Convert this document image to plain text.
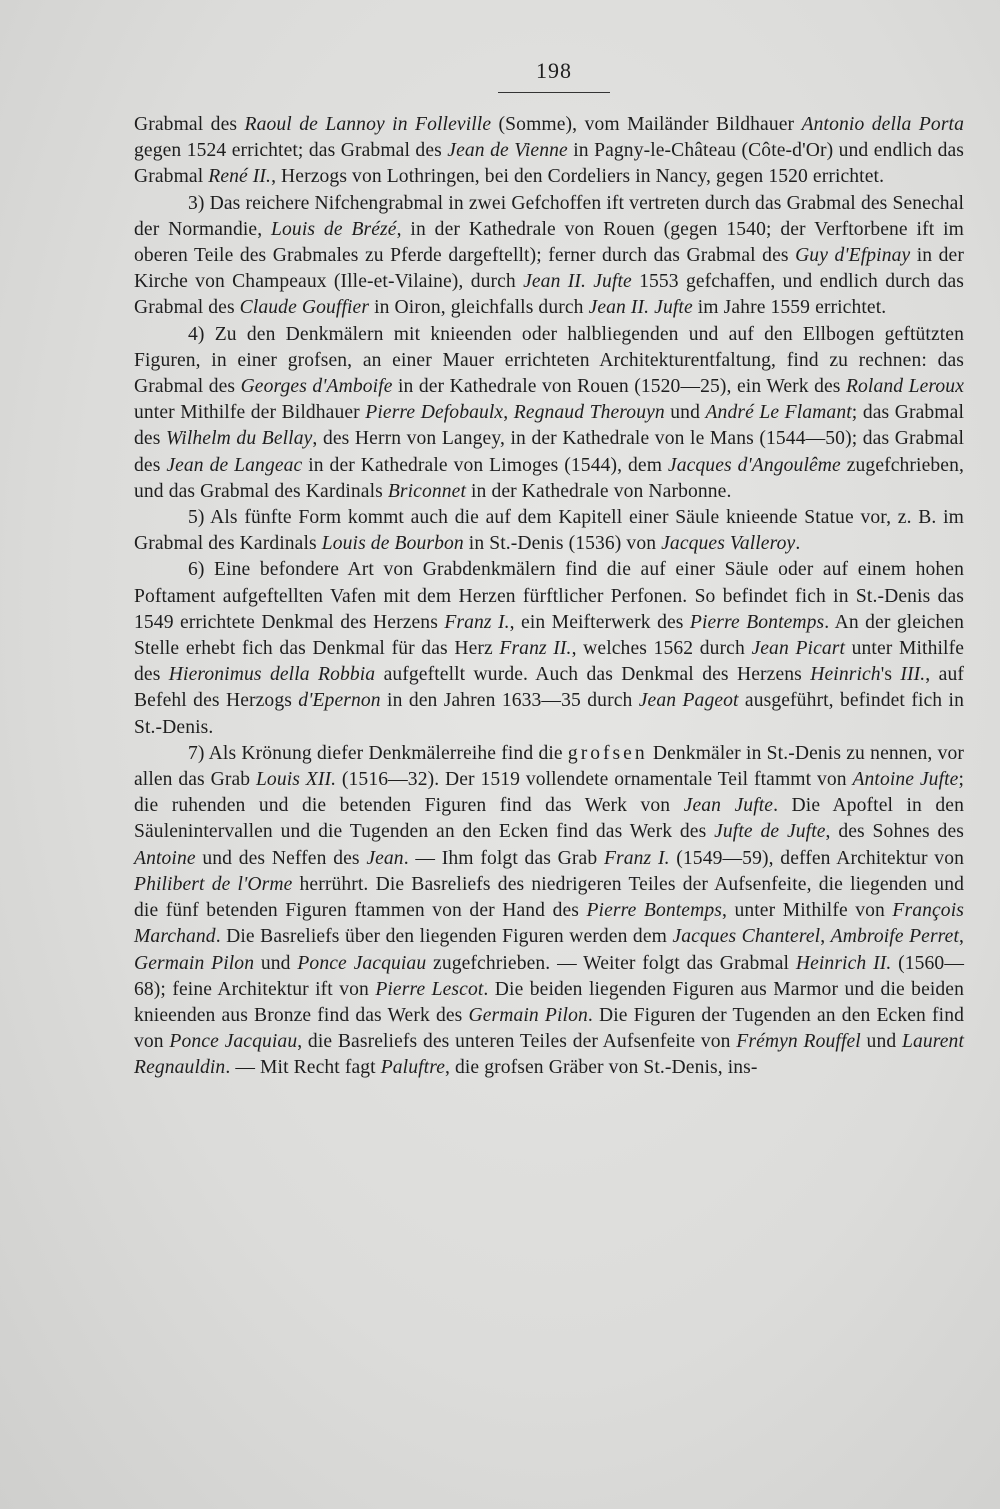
198

Grabmal des Raoul de Lannoy in Folleville (Somme), vom Mailänder Bildhauer Antonio della Porta gegen 1524 errichtet; das Grabmal des Jean de Vienne in Pagny-le-Château (Côte-d'Or) und endlich das Grabmal René II., Herzogs von Lothringen, bei den Cordeliers in Nancy, gegen 1520 errichtet.

3) Das reichere Nifchengrabmal in zwei Gefchoffen ift vertreten durch das Grabmal des Senechal der Normandie, Louis de Brézé, in der Kathedrale von Rouen (gegen 1540; der Verftorbene ift im oberen Teile des Grabmales zu Pferde dargeftellt); ferner durch das Grabmal des Guy d'Efpinay in der Kirche von Champeaux (Ille-et-Vilaine), durch Jean II. Jufte 1553 gefchaffen, und endlich durch das Grabmal des Claude Gouffier in Oiron, gleichfalls durch Jean II. Jufte im Jahre 1559 errichtet.

4) Zu den Denkmälern mit knieenden oder halbliegenden und auf den Ellbogen geftützten Figuren, in einer grofsen, an einer Mauer errichteten Architekturentfaltung, find zu rechnen: das Grabmal des Georges d'Amboife in der Kathedrale von Rouen (1520—25), ein Werk des Roland Leroux unter Mithilfe der Bildhauer Pierre Defobaulx, Regnaud Therouyn und André Le Flamant; das Grabmal des Wilhelm du Bellay, des Herrn von Langey, in der Kathedrale von le Mans (1544—50); das Grabmal des Jean de Langeac in der Kathedrale von Limoges (1544), dem Jacques d'Angoulême zugefchrieben, und das Grabmal des Kardinals Briconnet in der Kathedrale von Narbonne.

5) Als fünfte Form kommt auch die auf dem Kapitell einer Säule knieende Statue vor, z. B. im Grabmal des Kardinals Louis de Bourbon in St.-Denis (1536) von Jacques Valleroy.

6) Eine befondere Art von Grabdenkmälern find die auf einer Säule oder auf einem hohen Poftament aufgeftellten Vafen mit dem Herzen fürftlicher Perfonen. So befindet fich in St.-Denis das 1549 errichtete Denkmal des Herzens Franz I., ein Meifterwerk des Pierre Bontemps. An der gleichen Stelle erhebt fich das Denkmal für das Herz Franz II., welches 1562 durch Jean Picart unter Mithilfe des Hieronimus della Robbia aufgeftellt wurde. Auch das Denkmal des Herzens Heinrich's III., auf Befehl des Herzogs d'Epernon in den Jahren 1633—35 durch Jean Pageot ausgeführt, befindet fich in St.-Denis.

7) Als Krönung diefer Denkmälerreihe find die grofsen Denkmäler in St.-Denis zu nennen, vor allen das Grab Louis XII. (1516—32). Der 1519 vollendete ornamentale Teil ftammt von Antoine Jufte; die ruhenden und die betenden Figuren find das Werk von Jean Jufte. Die Apoftel in den Säulenintervallen und die Tugenden an den Ecken find das Werk des Jufte de Jufte, des Sohnes des Antoine und des Neffen des Jean. — Ihm folgt das Grab Franz I. (1549—59), deffen Architektur von Philibert de l'Orme herrührt. Die Basreliefs des niedrigeren Teiles der Aufsenfeite, die liegenden und die fünf betenden Figuren ftammen von der Hand des Pierre Bontemps, unter Mithilfe von François Marchand. Die Basreliefs über den liegenden Figuren werden dem Jacques Chanterel, Ambroife Perret, Germain Pilon und Ponce Jacquiau zugefchrieben. — Weiter folgt das Grabmal Heinrich II. (1560—68); feine Architektur ift von Pierre Lescot. Die beiden liegenden Figuren aus Marmor und die beiden knieenden aus Bronze find das Werk des Germain Pilon. Die Figuren der Tugenden an den Ecken find von Ponce Jacquiau, die Basreliefs des unteren Teiles der Aufsenfeite von Frémyn Rouffel und Laurent Regnauldin. — Mit Recht fagt Paluftre, die grofsen Gräber von St.-Denis, ins-
